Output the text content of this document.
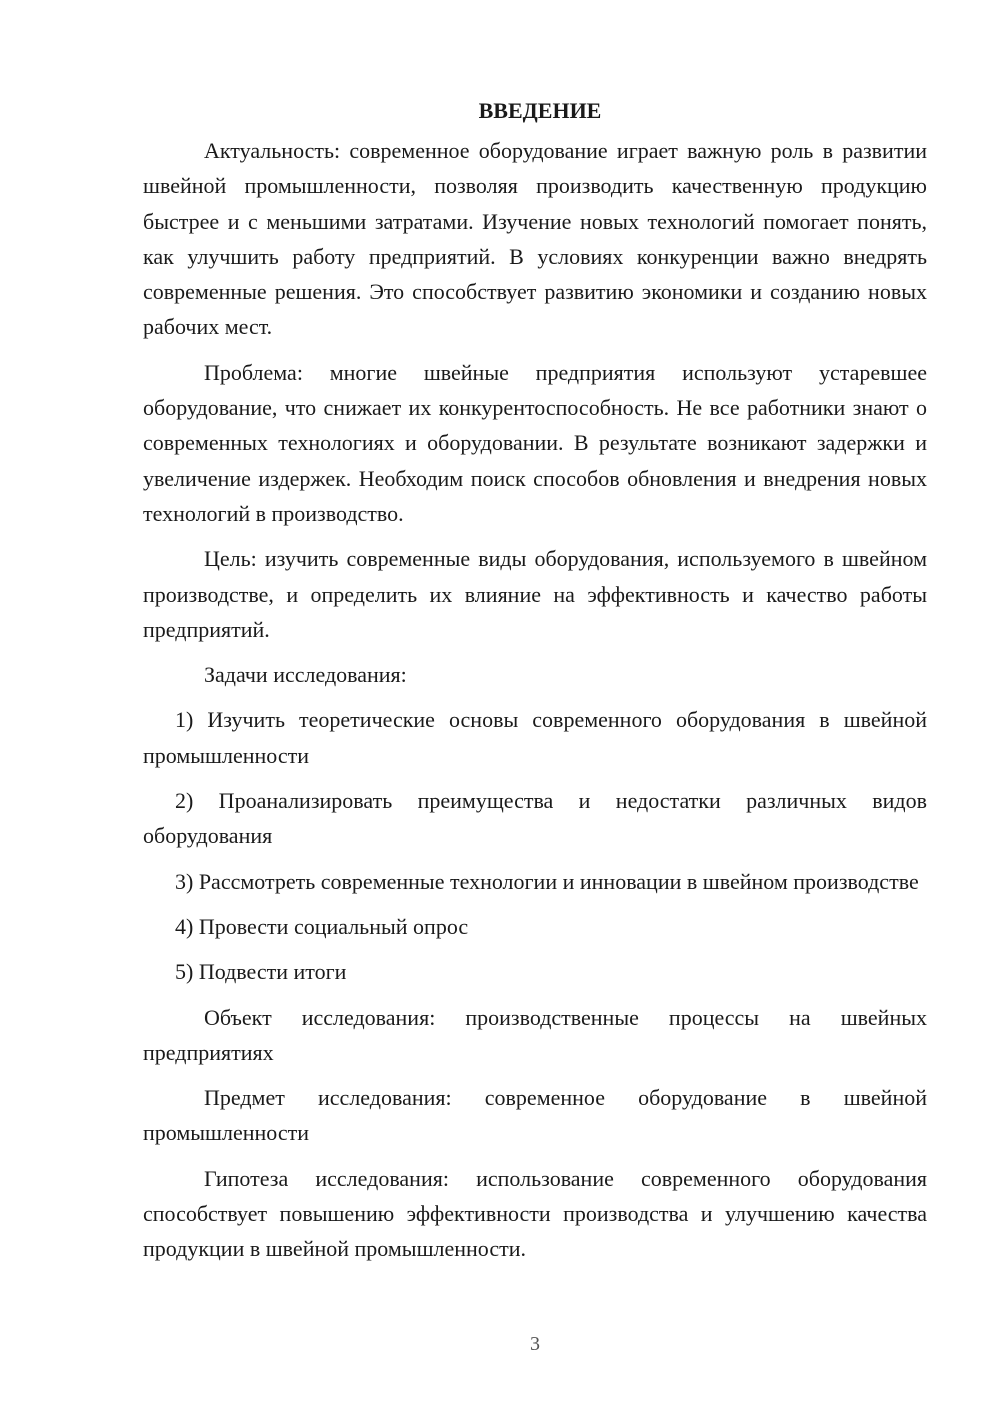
ВВЕДЕНИЕ

Актуальность: современное оборудование играет важную роль в развитии швейной промышленности, позволяя производить качественную продукцию быстрее и с меньшими затратами. Изучение новых технологий помогает понять, как улучшить работу предприятий. В условиях конкуренции важно внедрять современные решения. Это способствует развитию экономики и созданию новых рабочих мест.

Проблема: многие швейные предприятия используют устаревшее оборудование, что снижает их конкурентоспособность. Не все работники знают о современных технологиях и оборудовании. В результате возникают задержки и увеличение издержек. Необходим поиск способов обновления и внедрения новых технологий в производство.

Цель: изучить современные виды оборудования, используемого в швейном производстве, и определить их влияние на эффективность и качество работы предприятий.

Задачи исследования:

1) Изучить теоретические основы современного оборудования в швейной промышленности

2) Проанализировать преимущества и недостатки различных видов оборудования

3) Рассмотреть современные технологии и инновации в швейном производстве

4) Провести социальный опрос

5) Подвести итоги

Объект исследования: производственные процессы на швейных предприятиях

Предмет исследования: современное оборудование в швейной промышленности

Гипотеза исследования: использование современного оборудования способствует повышению эффективности производства и улучшению качества продукции в швейной промышленности.

3
